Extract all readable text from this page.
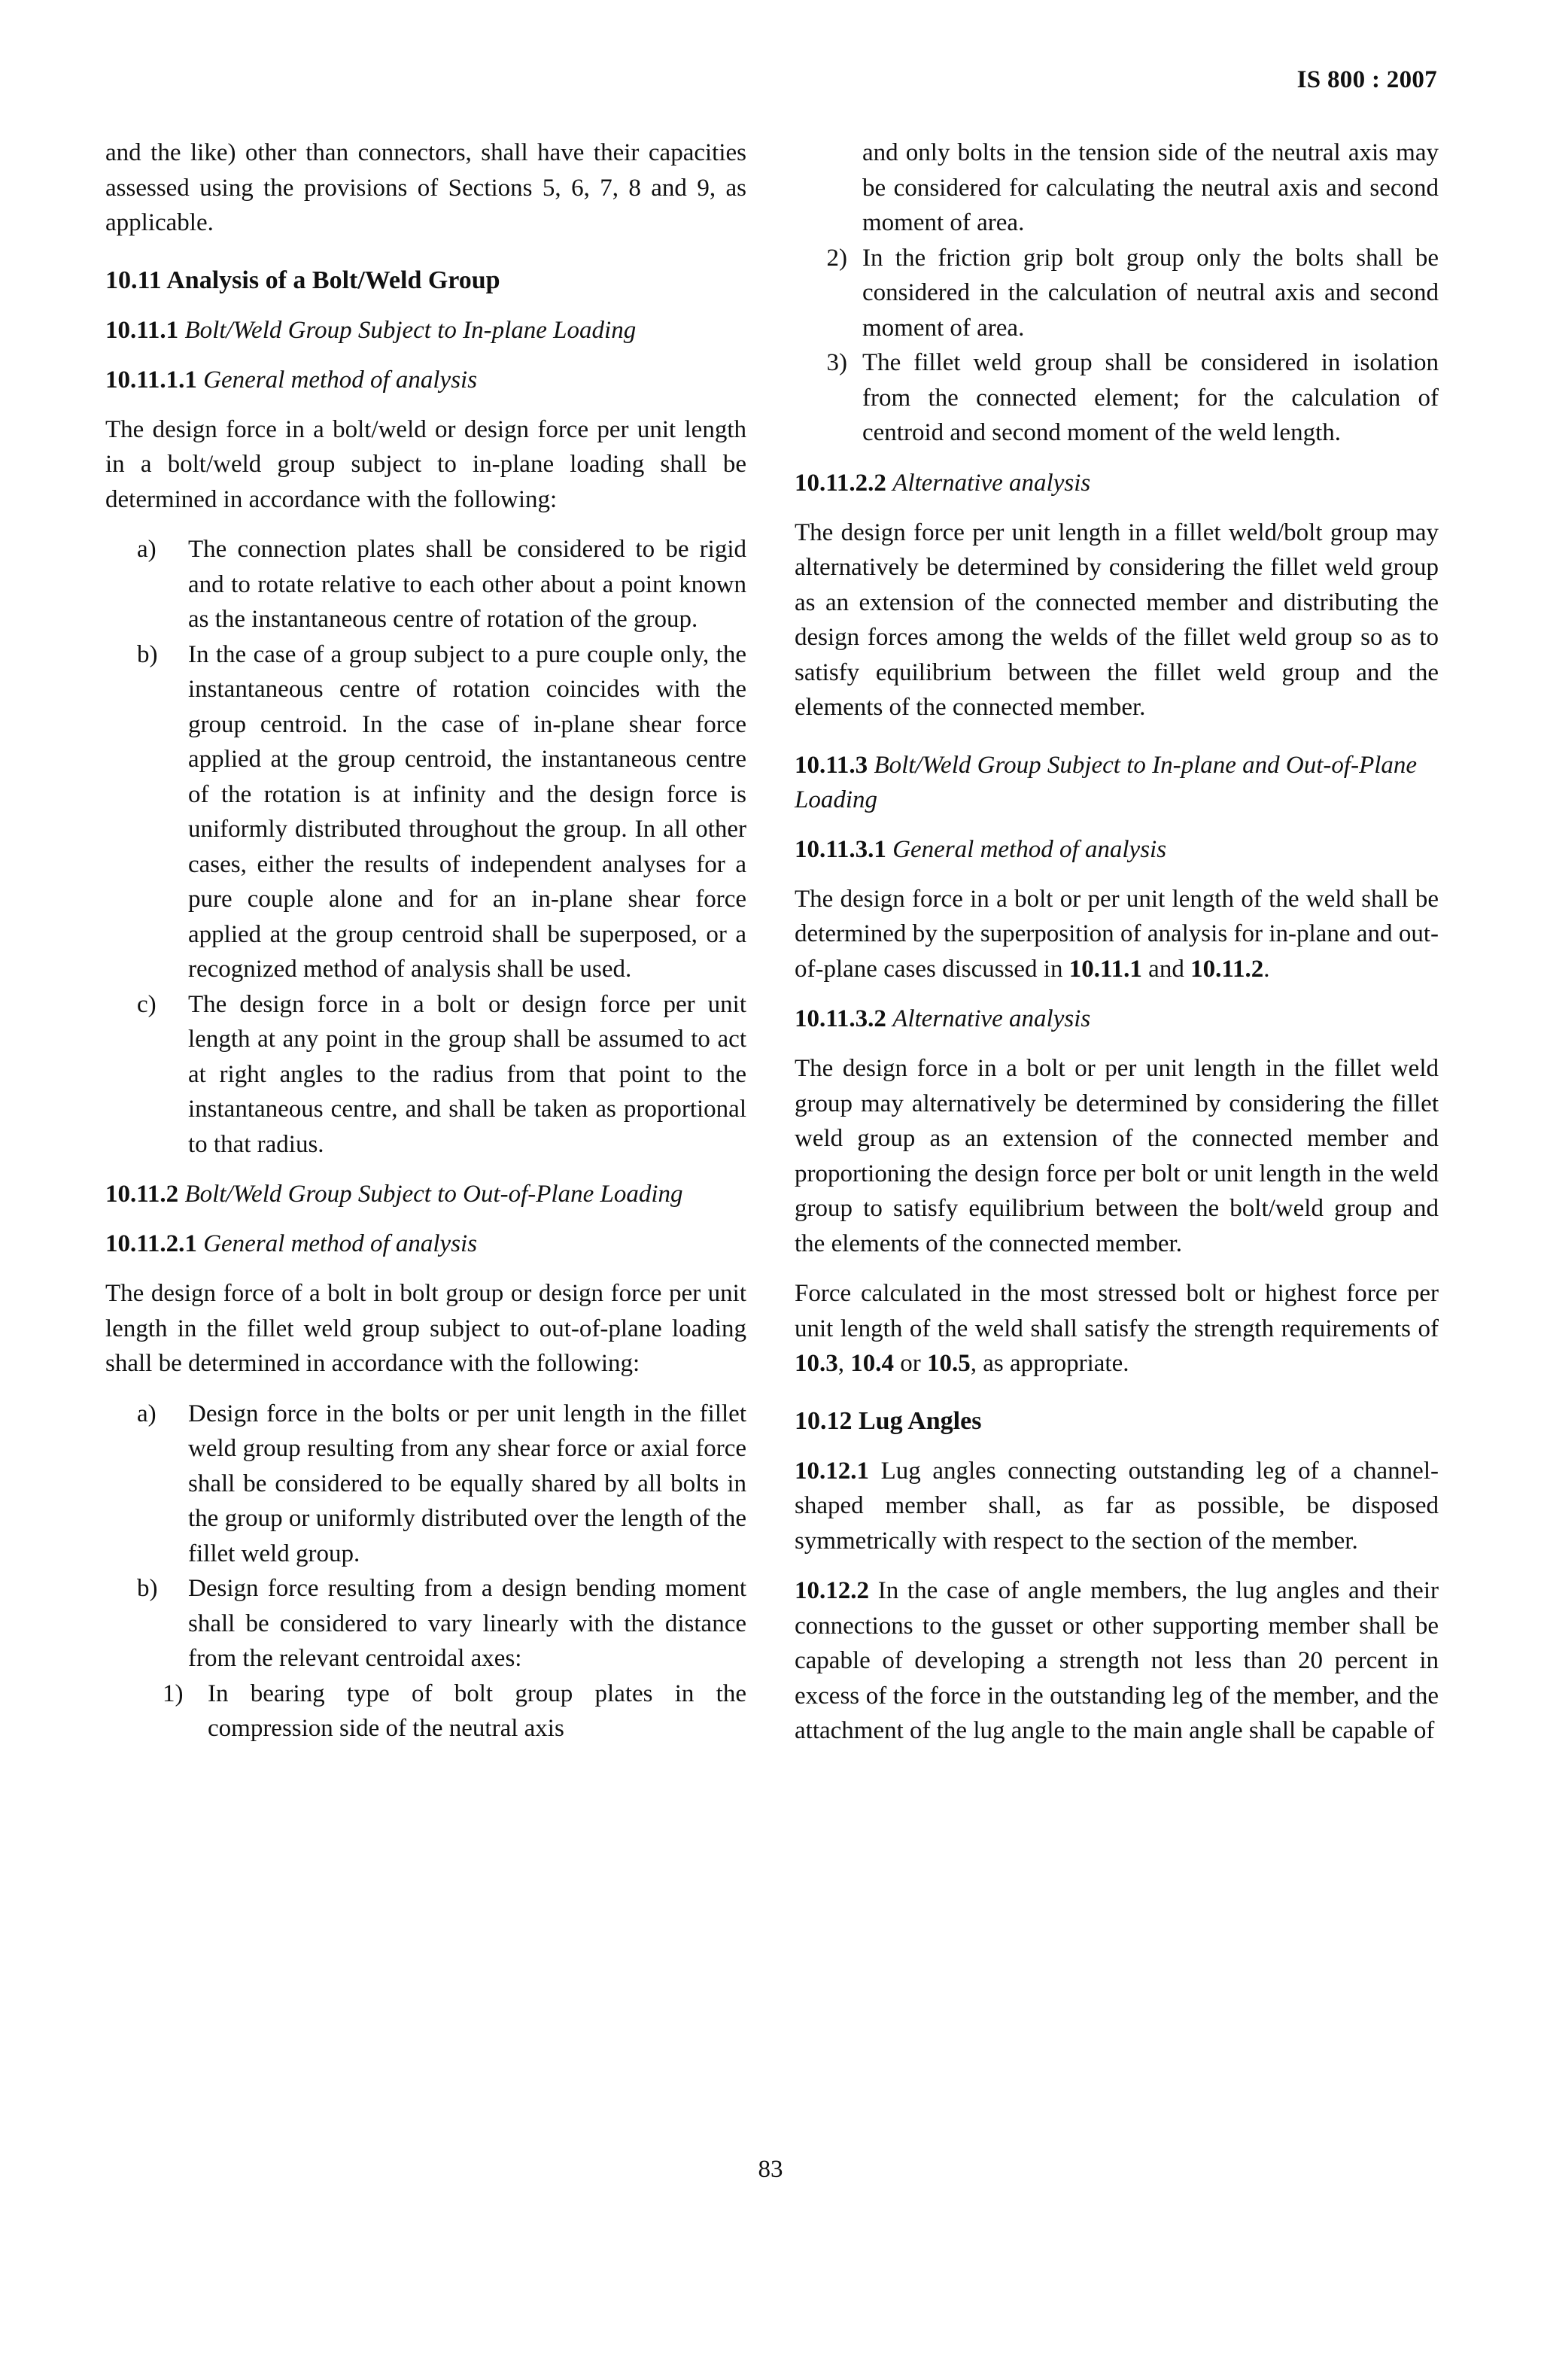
IS 800 : 2007

and the like) other than connectors, shall have their capacities assessed using the provisions of Sections 5, 6, 7, 8 and 9, as applicable.

10.11 Analysis of a Bolt/Weld Group
10.11.1 Bolt/Weld Group Subject to In-plane Loading
10.11.1.1 General method of analysis

The design force in a bolt/weld or design force per unit length in a bolt/weld group subject to in-plane loading shall be determined in accordance with the following:

a)	The connection plates shall be considered to be rigid and to rotate relative to each other about a point known as the instantaneous centre of rotation of the group.

b)	In the case of a group subject to a pure couple only, the instantaneous centre of rotation coincides with the group centroid. In the case of in-plane shear force applied at the group centroid, the instantaneous centre of the rotation is at infinity and the design force is uniformly distributed throughout the group. In all other cases, either the results of independent analyses for a pure couple alone and for an in-plane shear force applied at the group centroid shall be superposed, or a recognized method of analysis shall be used.

c)	The design force in a bolt or design force per unit length at any point in the group shall be assumed to act at right angles to the radius from that point to the instantaneous centre, and shall be taken as proportional to that radius.

10.11.2 Bolt/Weld Group Subject to Out-of-Plane Loading
10.11.2.1 General method of analysis

The design force of a bolt in bolt group or design force per unit length in the fillet weld group subject to out-of-plane loading shall be determined in accordance with the following:

a)	Design force in the bolts or per unit length in the fillet weld group resulting from any shear force or axial force shall be considered to be equally shared by all bolts in the group or uniformly distributed over the length of the fillet weld group.

b)	Design force resulting from a design bending moment shall be considered to vary linearly with the distance from the relevant centroidal axes:

1) In bearing type of bolt group plates in the compression side of the neutral axis

and only bolts in the tension side of the neutral axis may be considered for calculating the neutral axis and second moment of area.

2) In the friction grip bolt group only the bolts shall be considered in the calculation of neutral axis and second moment of area.

3) The fillet weld group shall be considered in isolation from the connected element; for the calculation of centroid and second moment of the weld length.

10.11.2.2 Alternative analysis

The design force per unit length in a fillet weld/bolt group may alternatively be determined by considering the fillet weld group as an extension of the connected member and distributing the design forces among the welds of the fillet weld group so as to satisfy equilibrium between the fillet weld group and the elements of the connected member.

10.11.3 Bolt/Weld Group Subject to In-plane and Out-of-Plane Loading
10.11.3.1 General method of analysis

The design force in a bolt or per unit length of the weld shall be determined by the superposition of analysis for in-plane and out-of-plane cases discussed in 10.11.1 and 10.11.2.

10.11.3.2 Alternative analysis

The design force in a bolt or per unit length in the fillet weld group may alternatively be determined by considering the fillet weld group as an extension of the connected member and proportioning the design force per bolt or unit length in the weld group to satisfy equilibrium between the bolt/weld group and the elements of the connected member.

Force calculated in the most stressed bolt or highest force per unit length of the weld shall satisfy the strength requirements of 10.3, 10.4 or 10.5, as appropriate.

10.12 Lug Angles

10.12.1 Lug angles connecting outstanding leg of a channel-shaped member shall, as far as possible, be disposed symmetrically with respect to the section of the member.

10.12.2 In the case of angle members, the lug angles and their connections to the gusset or other supporting member shall be capable of developing a strength not less than 20 percent in excess of the force in the outstanding leg of the member, and the attachment of the lug angle to the main angle shall be capable of

83
